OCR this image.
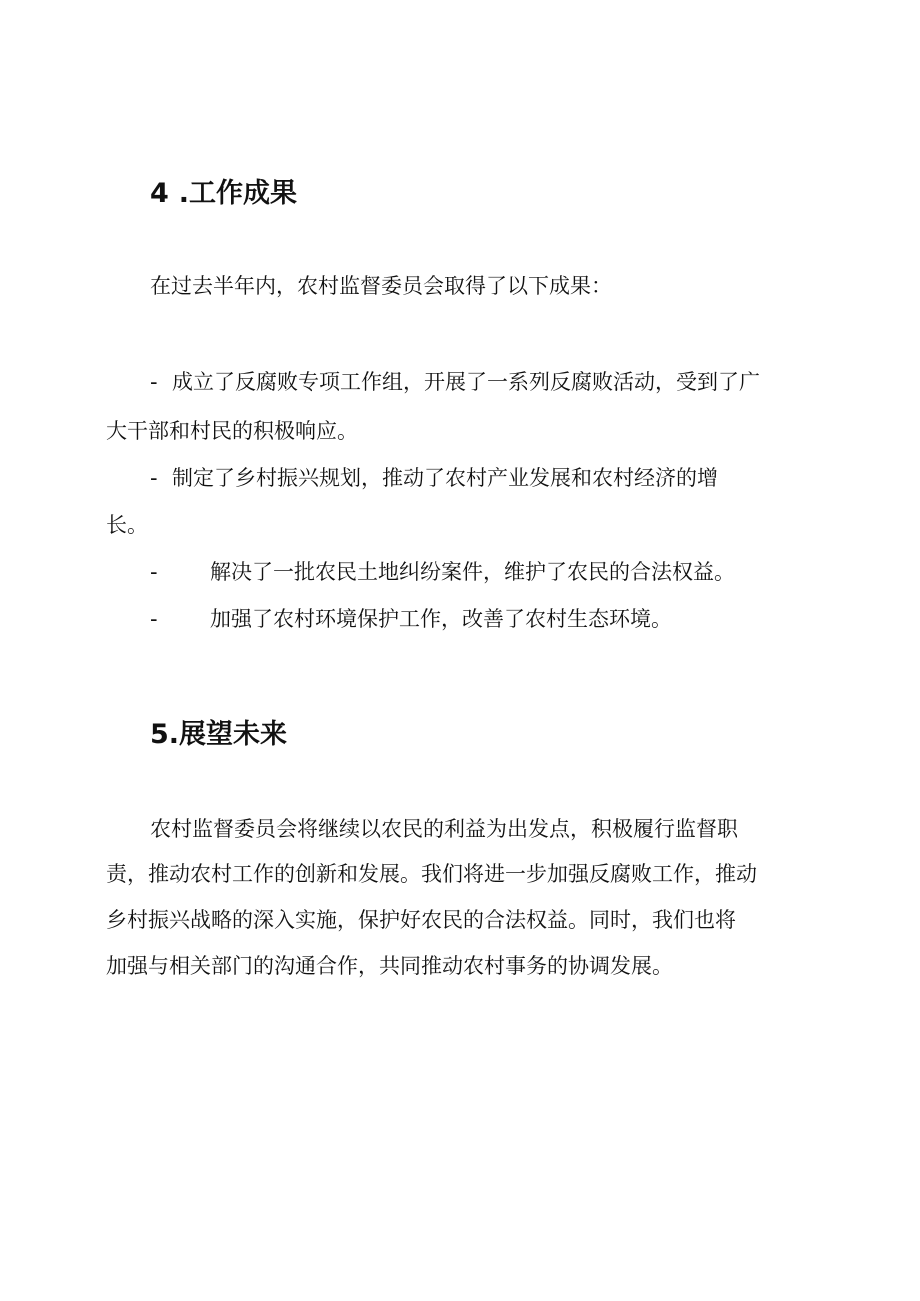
4 .工作成果
在过去半年内，农村监督委员会取得了以下成果：
- 成立了反腐败专项工作组，开展了一系列反腐败活动，受到了广
大干部和村民的积极响应。
- 制定了乡村振兴规划，推动了农村产业发展和农村经济的增
长。
- 解决了一批农民土地纠纷案件，维护了农民的合法权益。
- 加强了农村环境保护工作，改善了农村生态环境。
5.展望未来
农村监督委员会将继续以农民的利益为出发点，积极履行监督职
责，推动农村工作的创新和发展。我们将进一步加强反腐败工作，推动
乡村振兴战略的深入实施，保护好农民的合法权益。同时，我们也将
加强与相关部门的沟通合作，共同推动农村事务的协调发展。
